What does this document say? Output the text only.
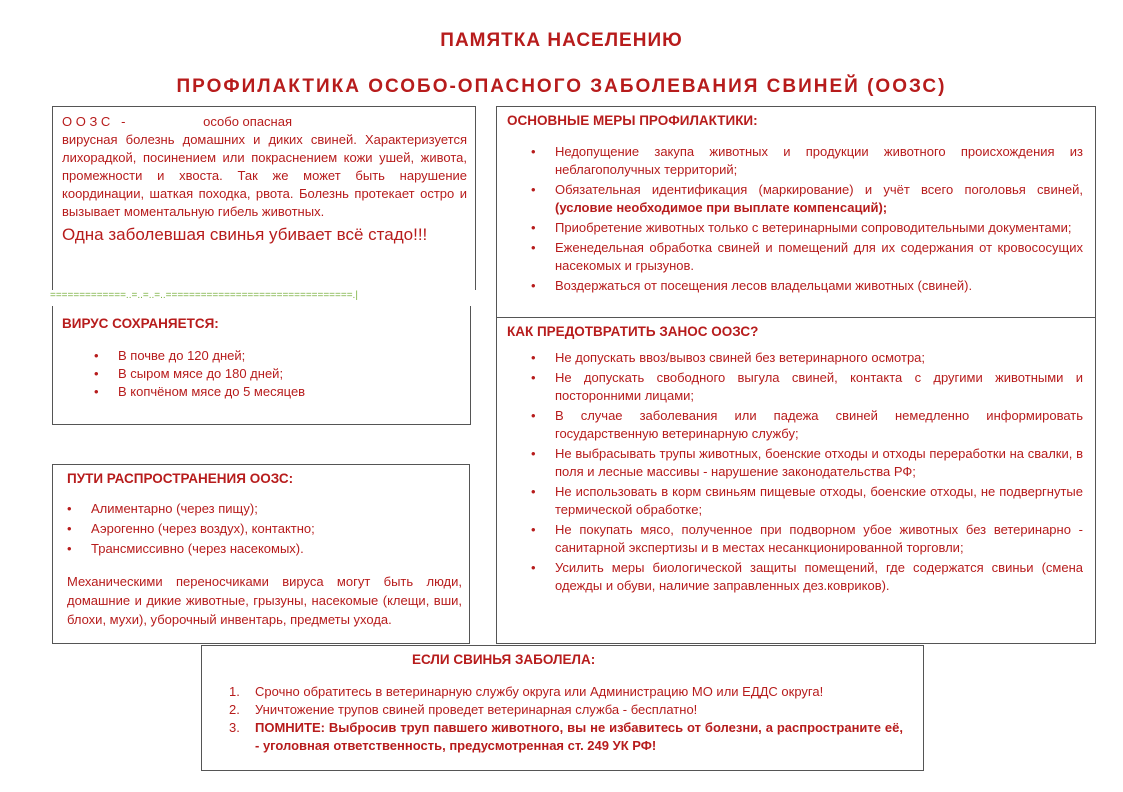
ПАМЯТКА НАСЕЛЕНИЮ
ПРОФИЛАКТИКА ОСОБО-ОПАСНОГО ЗАБОЛЕВАНИЯ СВИНЕЙ (ООЗС)
О О З С   -	особо опасная
вирусная болезнь домашних и диких свиней. Характеризуется лихорадкой, посинением или покраснением кожи ушей, живота, промежности и хвоста. Так же может быть нарушение координации, шаткая походка, рвота. Болезнь протекает остро и вызывает моментальную гибель животных.
Одна заболевшая свинья убивает всё стадо!!!
=============..=..=..=..================================.|
ВИРУС СОХРАНЯЕТСЯ:
• В почве до 120 дней;
• В сыром мясе до 180 дней;
• В копчёном мясе до 5 месяцев
ПУТИ РАСПРОСТРАНЕНИЯ ООЗС:
• Алиментарно (через пищу);
• Аэрогенно (через воздух), контактно;
• Трансмиссивно (через насекомых).
Механическими переносчиками вируса могут быть люди, домашние и дикие животные, грызуны, насекомые (клещи, вши, блохи, мухи), уборочный инвентарь, предметы ухода.
ОСНОВНЫЕ МЕРЫ ПРОФИЛАКТИКИ:
• Недопущение закупа животных и продукции животного происхождения из неблагополучных территорий;
• Обязательная идентификация (маркирование) и учёт всего поголовья свиней, (условие необходимое при выплате компенсаций);
• Приобретение животных только с ветеринарными сопроводительными документами;
• Еженедельная обработка свиней и помещений для их содержания от кровососущих насекомых и грызунов.
• Воздержаться от посещения лесов владельцами животных (свиней).
КАК ПРЕДОТВРАТИТЬ ЗАНОС ООЗС?
• Не допускать ввоз/вывоз свиней без ветеринарного осмотра;
• Не допускать свободного выгула свиней, контакта с другими животными и посторонними лицами;
• В случае заболевания или падежа свиней немедленно информировать государственную ветеринарную службу;
• Не выбрасывать трупы животных, боенские отходы и отходы переработки на свалки, в поля и лесные массивы - нарушение законодательства РФ;
• Не использовать в корм свиньям пищевые отходы, боенские отходы, не подвергнутые термической обработке;
• Не покупать мясо, полученное при подворном убое животных без ветеринарно - санитарной экспертизы и в местах несанкционированной торговли;
• Усилить меры биологической защиты помещений, где содержатся свиньи (смена одежды и обуви, наличие заправленных дез.ковриков).
ЕСЛИ СВИНЬЯ ЗАБОЛЕЛА:
1. Срочно обратитесь в ветеринарную службу округа или Администрацию МО или ЕДДС округа!
2. Уничтожение трупов свиней проведет ветеринарная служба - бесплатно!
3. ПОМНИТЕ: Выбросив труп павшего животного, вы не избавитесь от болезни, а распространите её, - уголовная ответственность, предусмотренная ст. 249 УК РФ!
